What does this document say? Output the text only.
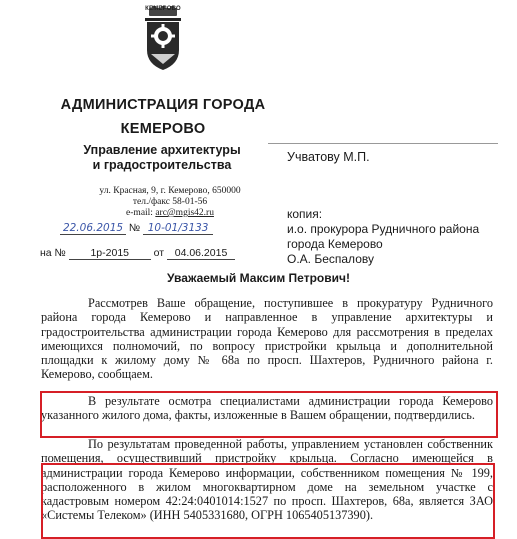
КЕМЕРОВО
АДМИНИСТРАЦИЯ ГОРОДА
КЕМЕРОВО
Управление архитектуры
и градостроительства
ул. Красная, 9, г. Кемерово, 650000
тел./факс 58-01-56
e-mail: arc@mgis42.ru
Учватову М.П.
копия:
и.о. прокурора Рудничного района
города Кемерово
О.А. Беспалову
22.06.2015 № 10-01/3133
на № 1р-2015 от 04.06.2015
Уважаемый Максим Петрович!
Рассмотрев Ваше обращение, поступившее в прокуратуру Рудничного района города Кемерово и направленное в управление архитектуры и градостроительства администрации города Кемерово для рассмотрения в пределах имеющихся полномочий, по вопросу пристройки крыльца и дополнительной площадки к жилому дому № 68а по просп. Шахтеров, Рудничного района г. Кемерово, сообщаем.
В результате осмотра специалистами администрации города Кемерово указанного жилого дома, факты, изложенные в Вашем обращении, подтвердились.
По результатам проведенной работы, управлением установлен собственник помещения, осуществивший пристройку крыльца. Согласно имеющейся в администрации города Кемерово информации, собственником помещения № 199, расположенного в жилом многоквартирном доме на земельном участке с кадастровым номером 42:24:0401014:1527 по просп. Шахтеров, 68а, является ЗАО «Системы Телеком» (ИНН 5405331680, ОГРН 1065405137390).
